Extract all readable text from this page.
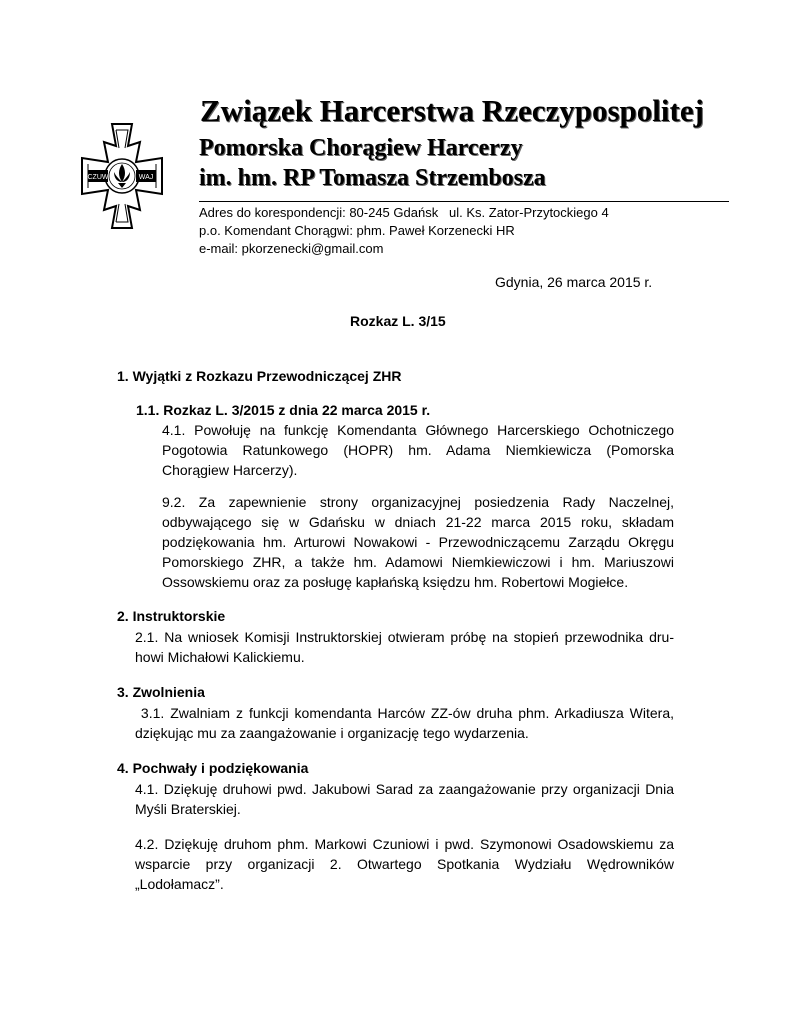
CZUW	WAJ
Związek Harcerstwa Rzeczypospolitej
Pomorska Chorągiew Harcerzy
im. hm. RP Tomasza Strzembosza
Adres do korespondencji: 80-245 Gdańsk   ul. Ks. Zator-Przytockiego 4
p.o. Komendant Chorągwi: phm. Paweł Korzenecki HR
e-mail: pkorzenecki@gmail.com
Gdynia, 26 marca 2015 r.
Rozkaz L. 3/15
1. Wyjątki z Rozkazu Przewodniczącej ZHR
1.1. Rozkaz L. 3/2015 z dnia 22 marca 2015 r.
4.1. Powołuję na funkcję Komendanta Głównego Harcerskiego Ochotniczego
Pogotowia Ratunkowego (HOPR) hm. Adama Niemkiewicza (Pomorska
Chorągiew Harcerzy).
9.2. Za zapewnienie strony organizacyjnej posiedzenia Rady Naczelnej,
odbywającego się w Gdańsku w dniach 21-22 marca 2015 roku, składam
podziękowania hm. Arturowi Nowakowi - Przewodniczącemu Zarządu Okręgu
Pomorskiego ZHR, a także hm. Adamowi Niemkiewiczowi i hm. Mariuszowi
Ossowskiemu oraz za posługę kapłańską księdzu hm. Robertowi Mogiełce.
2. Instruktorskie
2.1. Na wniosek Komisji Instruktorskiej otwieram próbę na stopień przewodnika dru-
howi Michałowi Kalickiemu.
3. Zwolnienia
3.1. Zwalniam z funkcji komendanta Harców ZZ-ów druha phm. Arkadiusza Witera,
dziękując mu za zaangażowanie i organizację tego wydarzenia.
4. Pochwały i podziękowania
4.1. Dziękuję druhowi pwd. Jakubowi Sarad za zaangażowanie przy organizacji Dnia
Myśli Braterskiej.
4.2. Dziękuję druhom phm. Markowi Czuniowi i pwd. Szymonowi Osadowskiemu za
wsparcie przy organizacji 2. Otwartego Spotkania Wydziału Wędrowników
„Lodołamacz”.
